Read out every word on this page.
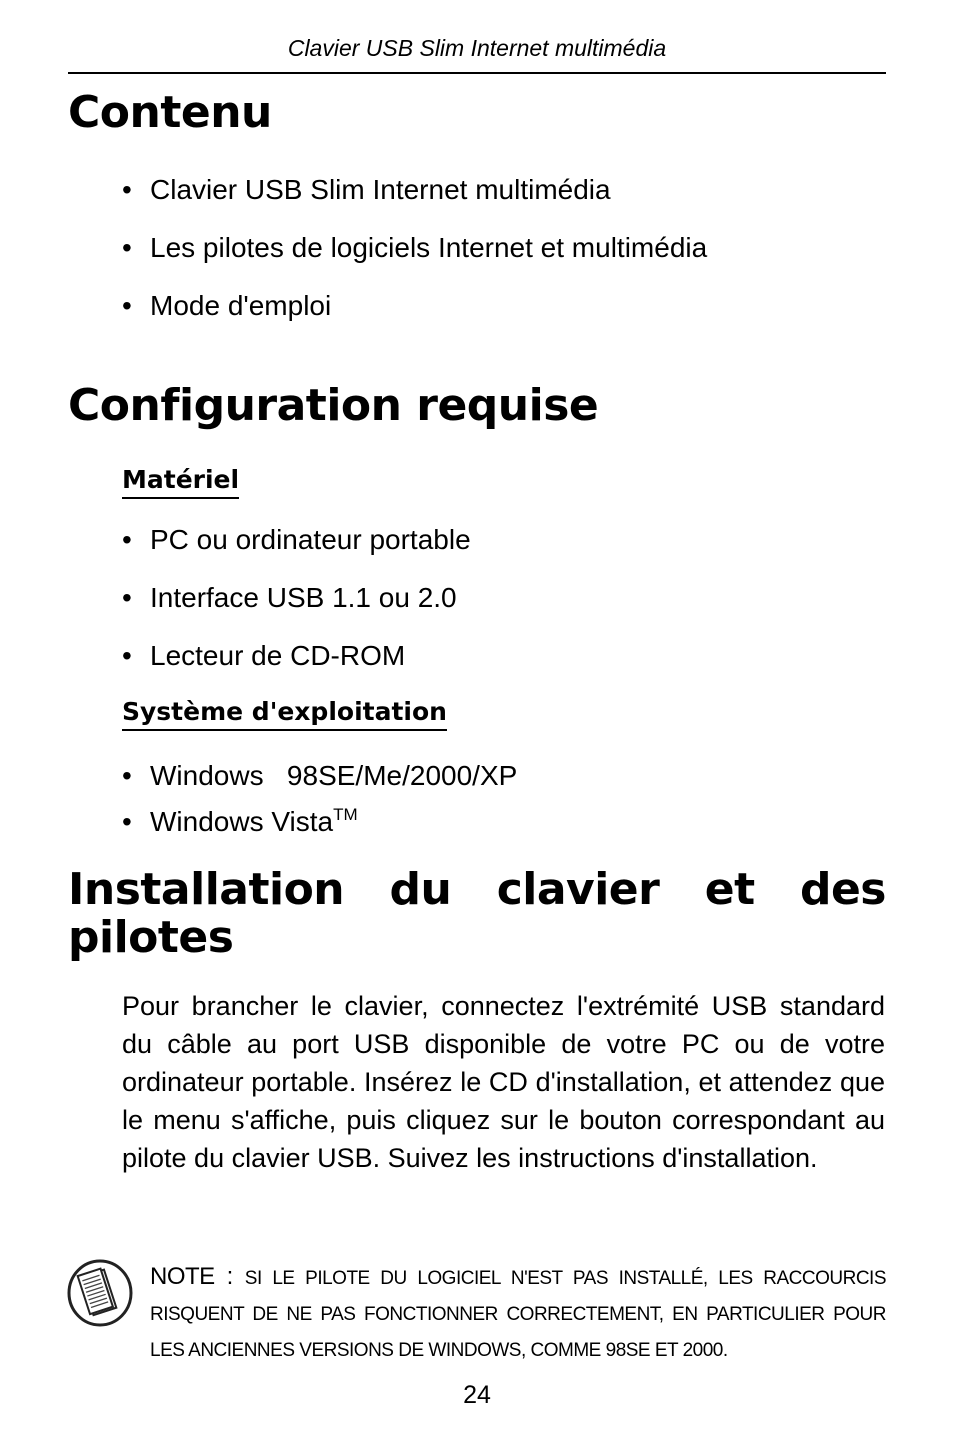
Clavier USB Slim Internet multimédia
Contenu
• Clavier USB Slim Internet multimédia
• Les pilotes de logiciels Internet et multimédia
• Mode d'emploi
Configuration requise
Matériel
• PC ou ordinateur portable
• Interface USB 1.1 ou 2.0
• Lecteur de CD-ROM
Système d'exploitation
• Windows   98SE/Me/2000/XP
• Windows Vista™
Installation du clavier et des pilotes

Pour brancher le clavier, connectez l'extrémité USB standard du câble au port USB disponible de votre PC ou de votre ordinateur portable. Insérez le CD d'installation, et attendez que le menu s'affiche, puis cliquez sur le bouton correspondant au pilote du clavier USB. Suivez les instructions d'installation.

NOTE : SI LE PILOTE DU LOGICIEL N'EST PAS INSTALLÉ, LES RACCOURCIS RISQUENT DE NE PAS FONCTIONNER CORRECTEMENT, EN PARTICULIER POUR LES ANCIENNES VERSIONS DE WINDOWS, COMME 98SE ET 2000.

24
